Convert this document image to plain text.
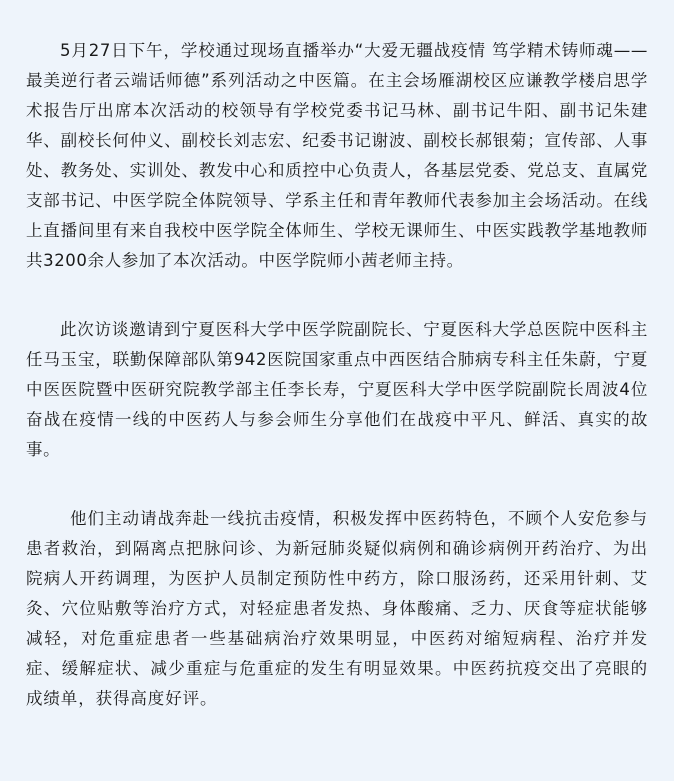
5月27日下午，学校通过现场直播举办“大爱无疆战疫情 笃学精术铸师魂——最美逆行者云端话师德”系列活动之中医篇。在主会场雁湖校区应谦教学楼启思学术报告厅出席本次活动的校领导有学校党委书记马林、副书记牛阳、副书记朱建华、副校长何仲义、副校长刘志宏、纪委书记谢波、副校长郝银菊；宣传部、人事处、教务处、实训处、教发中心和质控中心负责人，各基层党委、党总支、直属党支部书记、中医学院全体院领导、学系主任和青年教师代表参加主会场活动。在线上直播间里有来自我校中医学院全体师生、学校无课师生、中医实践教学基地教师共3200余人参加了本次活动。中医学院师小茜老师主持。

此次访谈邀请到宁夏医科大学中医学院副院长、宁夏医科大学总医院中医科主任马玉宝，联勤保障部队第942医院国家重点中西医结合肺病专科主任朱蔚，宁夏中医医院暨中医研究院教学部主任李长寿，宁夏医科大学中医学院副院长周波4位奋战在疫情一线的中医药人与参会师生分享他们在战疫中平凡、鲜活、真实的故事。

他们主动请战奔赴一线抗击疫情，积极发挥中医药特色，不顾个人安危参与患者救治，到隔离点把脉问诊、为新冠肺炎疑似病例和确诊病例开药治疗、为出院病人开药调理，为医护人员制定预防性中药方，除口服汤药，还采用针刺、艾灸、穴位贴敷等治疗方式，对轻症患者发热、身体酸痛、乏力、厌食等症状能够减轻，对危重症患者一些基础病治疗效果明显，中医药对缩短病程、治疗并发症、缓解症状、减少重症与危重症的发生有明显效果。中医药抗疫交出了亮眼的成绩单，获得高度好评。
